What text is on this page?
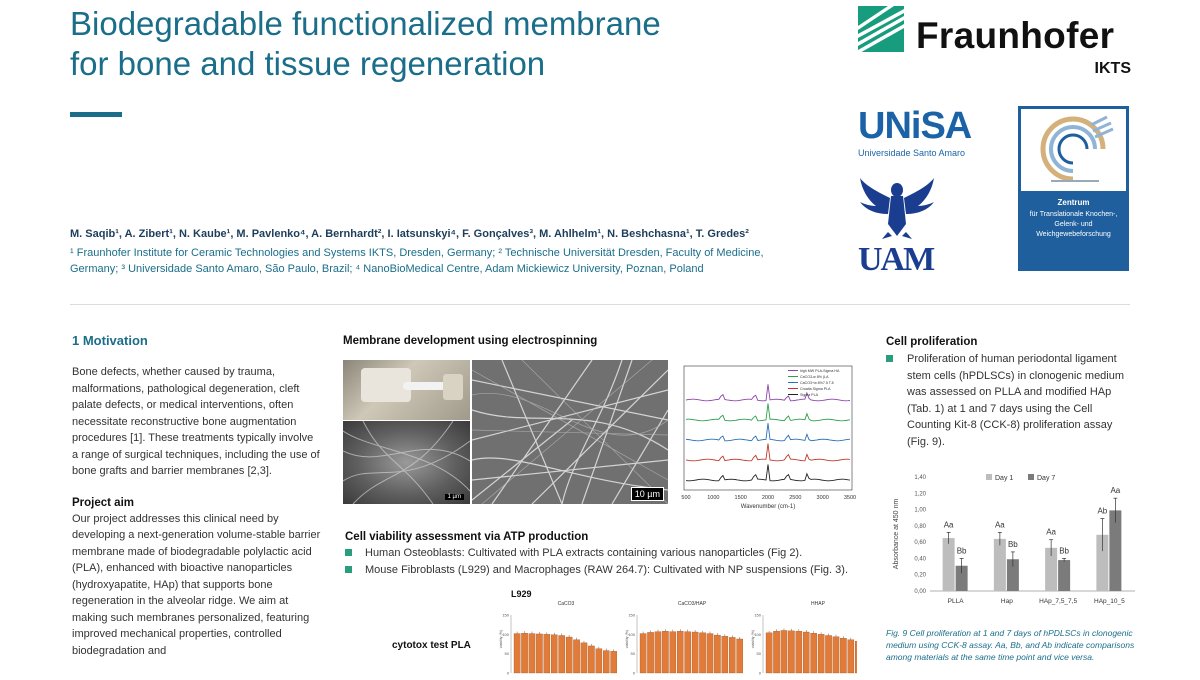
Biodegradable functionalized membrane
for bone and tissue regeneration
M. Saqib¹, A. Zibert¹, N. Kaube¹, M. Pavlenko⁴, A. Bernhardt², I. Iatsunskyi⁴, F. Gonçalves³, M. Ahlhelm¹, N. Beshchasna¹, T. Gredes²
¹ Fraunhofer Institute for Ceramic Technologies and Systems IKTS, Dresden, Germany; ² Technische Universität Dresden, Faculty of Medicine,
Germany; ³ Universidade Santo Amaro, São Paulo, Brazil; ⁴ NanoBioMedical Centre, Adam Mickiewicz University, Poznan, Poland
Fraunhofer
IKTS
UNiSA
Universidade Santo Amaro
UAM
Zentrum
für Translationale Knochen-,
Gelenk- und
Weichgewebeforschung
1 Motivation
Bone defects, whether caused by trauma, malformations, pathological degeneration, cleft palate defects, or medical interventions, often necessitate reconstructive bone augmentation procedures [1]. These treatments typically involve a range of surgical techniques, including the use of bone grafts and barrier membranes [2,3].
Project aim
Our project addresses this clinical need by developing a next-generation volume-stable barrier membrane made of biodegradable polylactic acid (PLA), enhanced with bioactive nanoparticles (hydroxyapatite, HAp) that supports bone regeneration in the alveolar ridge. We aim at making such membranes personalized, featuring improved mechanical properties, controlled biodegradation and
Membrane development using electrospinning
1 µm	10 µm
high MW PLA-Sigma HA
CaCO3-w 8% (LA
CaCO3+w 8%7.5 T.8
Croatia Sigma PLA
Sigma PLA
500	1000	1500	2000	2500	3000	3500
Wavenumber (cm-1)
Cell viability assessment via ATP production
Human Osteoblasts: Cultivated with PLA extracts containing various nanoparticles (Fig 2).
Mouse Fibroblasts (L929) and Macrophages (RAW 264.7): Cultivated with NP suspensions (Fig. 3).
cytotox test PLA
L929
CaCO3
viability (%)
150
100
50
0
CaCO3/HAP
viability (%)
150
100
50
0
HHAP
viability (%)
150
100
50
0
Cell proliferation
Proliferation of human periodontal ligament stem cells (hPDLSCs) in clonogenic medium was assessed on PLLA and modified HAp (Tab. 1) at 1 and 7 days using the Cell Counting Kit-8 (CCK-8) proliferation assay (Fig. 9).
Absorbance at 450 nm
0,00
0,20
0,40
0,60
0,80
1,00
1,20
1,40
Aa
Bb
PLLA
Aa
Bb
Hap
Aa
Bb
HAp_7,5_7,5
Ab
Aa
HAp_10_5
Day 1	Day 7
Fig. 9 Cell proliferation at 1 and 7 days of hPDLSCs in clonogenic medium using CCK-8 assay. Aa, Bb, and Ab indicate comparisons among materials at the same time point and vice versa.
